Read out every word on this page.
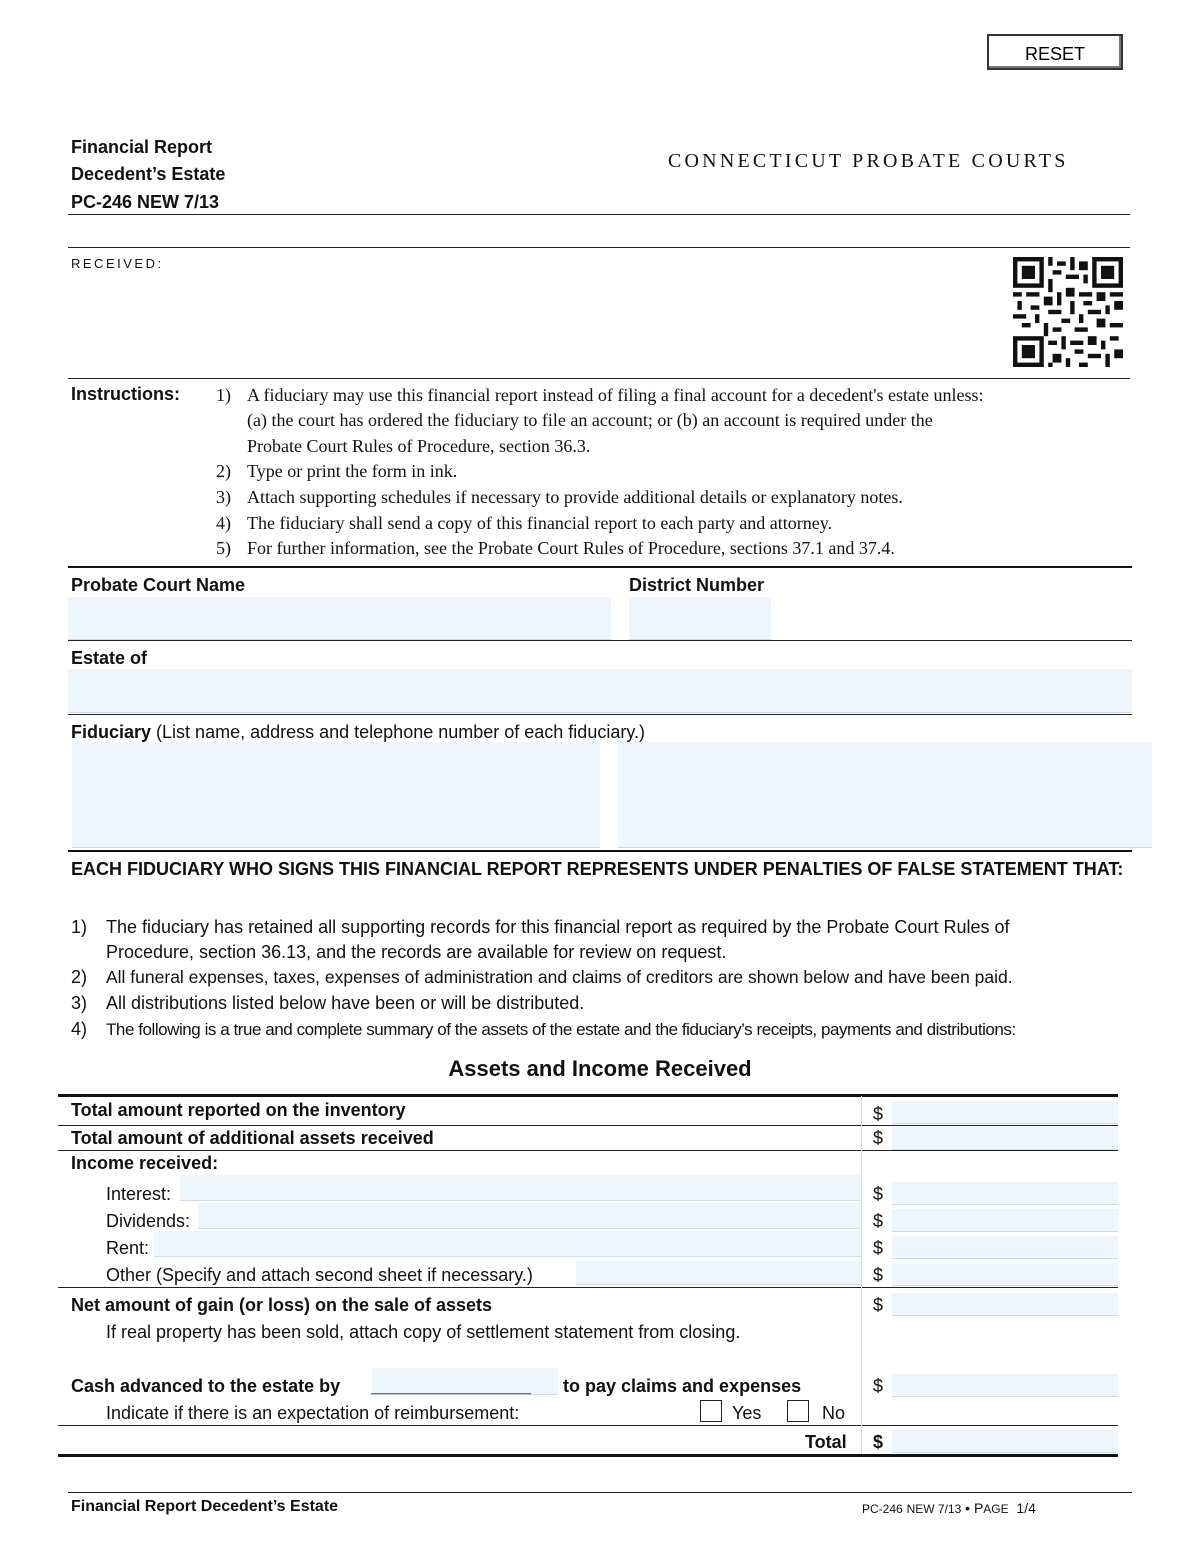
RESET
Financial Report
Decedent’s Estate
PC-246 NEW 7/13
CONNECTICUT PROBATE COURTS
RECEIVED:
Instructions: 1) A fiduciary may use this financial report instead of filing a final account for a decedent's estate unless:
(a) the court has ordered the fiduciary to file an account; or (b) an account is required under the
Probate Court Rules of Procedure, section 36.3.
2) Type or print the form in ink.
3) Attach supporting schedules if necessary to provide additional details or explanatory notes.
4) The fiduciary shall send a copy of this financial report to each party and attorney.
5) For further information, see the Probate Court Rules of Procedure, sections 37.1 and 37.4.
Probate Court Name	District Number
Estate of
Fiduciary (List name, address and telephone number of each fiduciary.)
EACH FIDUCIARY WHO SIGNS THIS FINANCIAL REPORT REPRESENTS UNDER PENALTIES OF FALSE STATEMENT THAT:
1) The fiduciary has retained all supporting records for this financial report as required by the Probate Court Rules of
Procedure, section 36.13, and the records are available for review on request.
2) All funeral expenses, taxes, expenses of administration and claims of creditors are shown below and have been paid.
3) All distributions listed below have been or will be distributed.
4) The following is a true and complete summary of the assets of the estate and the fiduciary’s receipts, payments and distributions:
Assets and Income Received
Total amount reported on the inventory	$
Total amount of additional assets received	$
Income received:
Interest:	$
Dividends:	$
Rent:	$
Other (Specify and attach second sheet if necessary.)	$
Net amount of gain (or loss) on the sale of assets	$
If real property has been sold, attach copy of settlement statement from closing.
Cash advanced to the estate by ________________ to pay claims and expenses	$
Indicate if there is an expectation of reimbursement:	Yes	No
Total $
Financial Report Decedent’s Estate	PC-246 NEW 7/13 • PAGE 1/4
